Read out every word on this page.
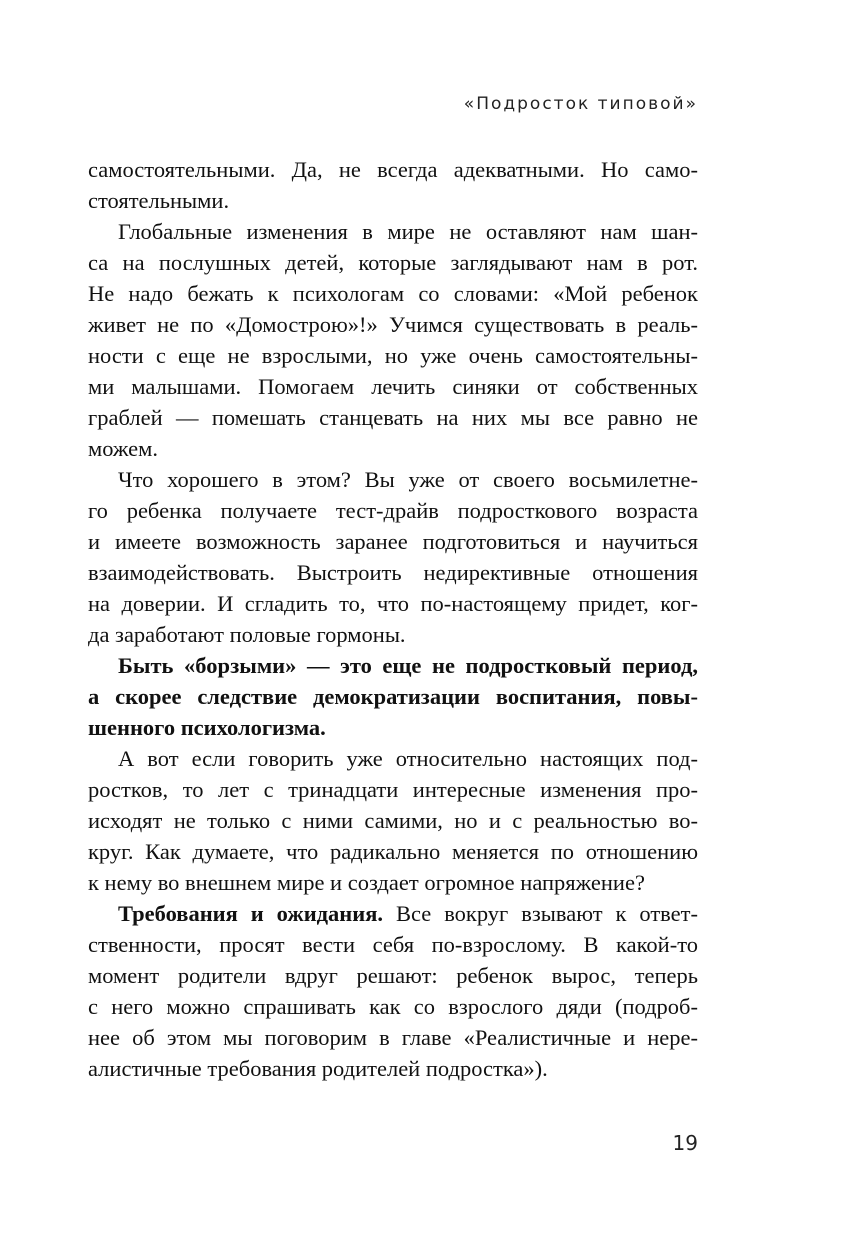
«Подросток типовой»
самостоятельными. Да, не всегда адекватными. Но само-
стоятельными.
Глобальные изменения в мире не оставляют нам шан-
са на послушных детей, которые заглядывают нам в рот.
Не надо бежать к психологам со словами: «Мой ребенок
живет не по «Домострою»!» Учимся существовать в реаль-
ности с еще не взрослыми, но уже очень самостоятельны-
ми малышами. Помогаем лечить синяки от собственных
граблей — помешать станцевать на них мы все равно не
можем.
Что хорошего в этом? Вы уже от своего восьмилетне-
го ребенка получаете тест-драйв подросткового возраста
и имеете возможность заранее подготовиться и научиться
взаимодействовать. Выстроить недирективные отношения
на доверии. И сгладить то, что по-настоящему придет, ког-
да заработают половые гормоны.
Быть «борзыми» — это еще не подростковый период,
а скорее следствие демократизации воспитания, повы-
шенного психологизма.
А вот если говорить уже относительно настоящих под-
ростков, то лет с тринадцати интересные изменения про-
исходят не только с ними самими, но и с реальностью во-
круг. Как думаете, что радикально меняется по отношению
к нему во внешнем мире и создает огромное напряжение?
Требования и ожидания. Все вокруг взывают к ответ-
ственности, просят вести себя по-взрослому. В какой-то
момент родители вдруг решают: ребенок вырос, теперь
с него можно спрашивать как со взрослого дяди (подроб-
нее об этом мы поговорим в главе «Реалистичные и нере-
алистичные требования родителей подростка»).
19
